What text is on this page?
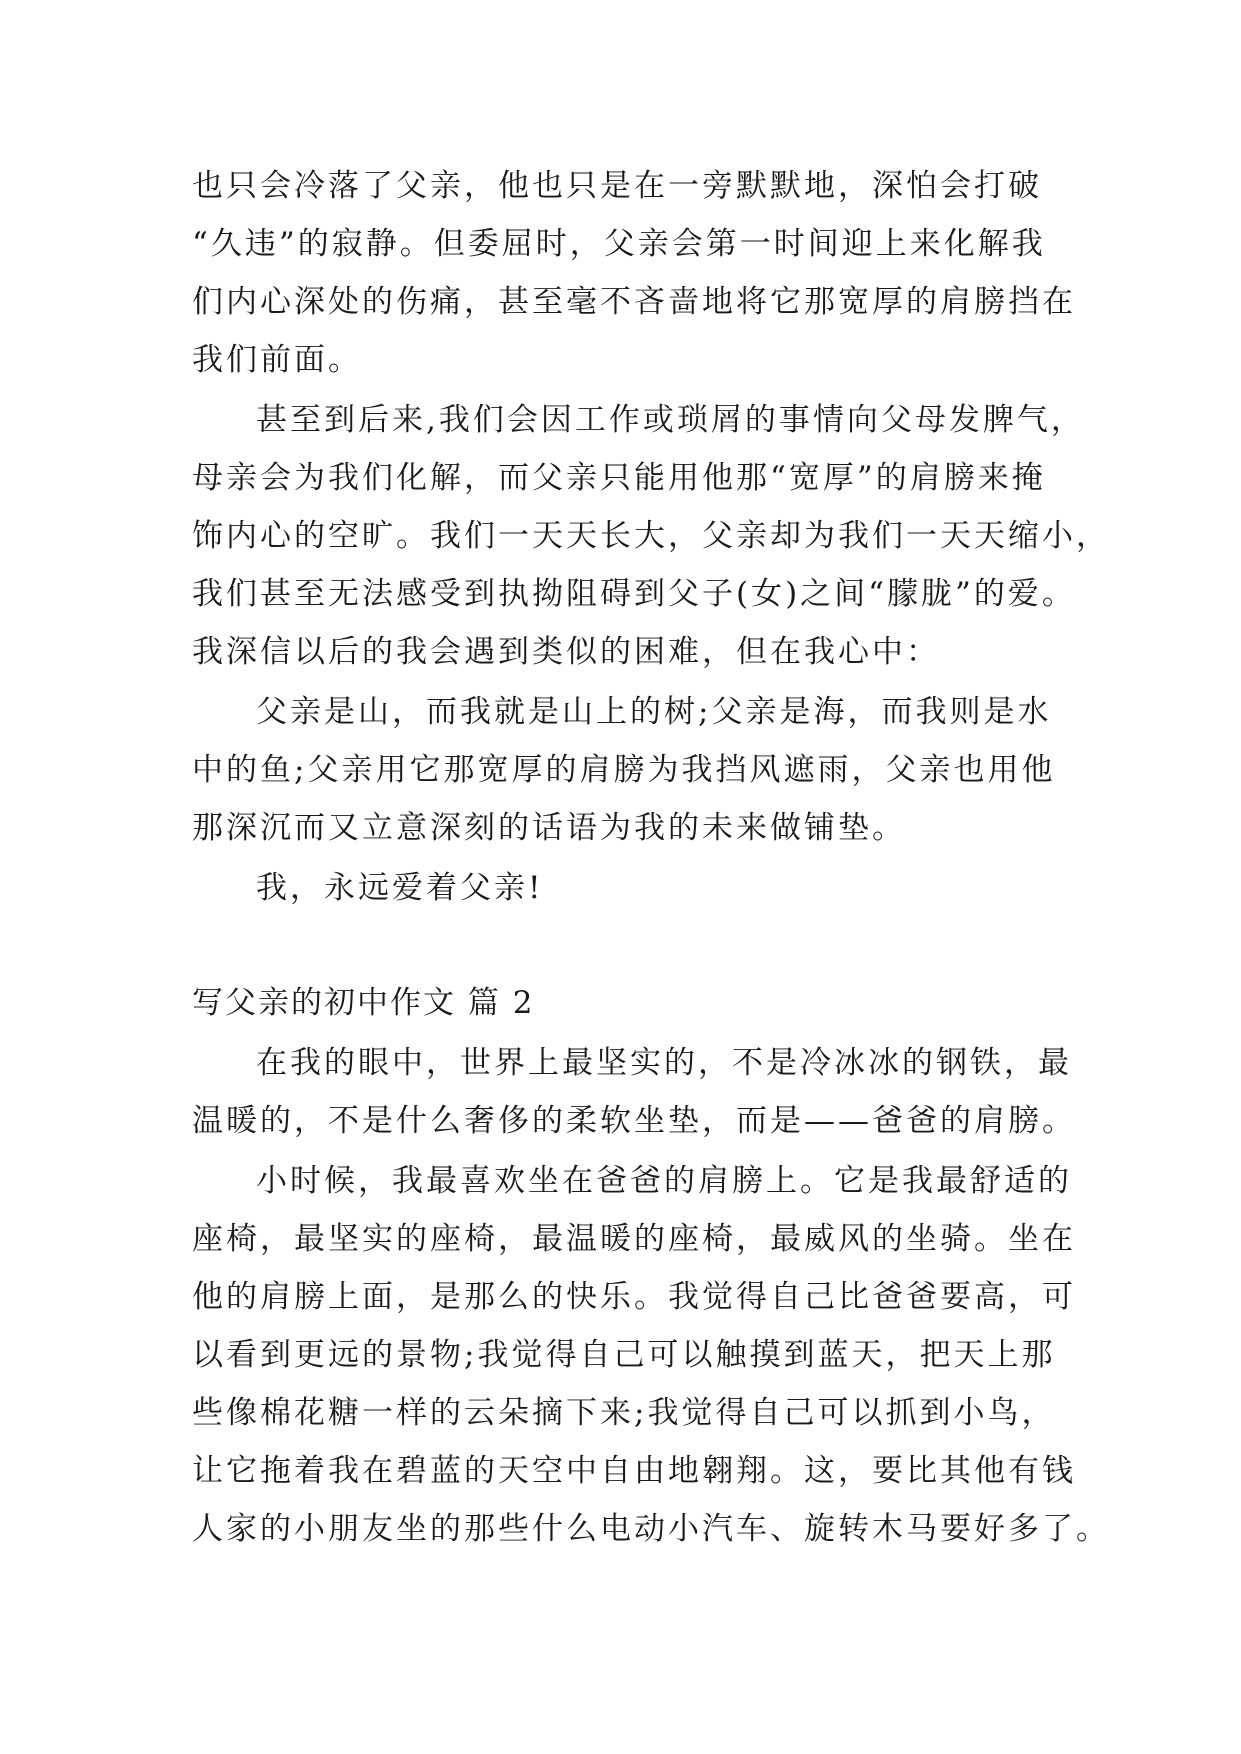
也只会冷落了父亲，他也只是在一旁默默地，深怕会打破
“久违”的寂静。但委屈时，父亲会第一时间迎上来化解我
们内心深处的伤痛，甚至毫不吝啬地将它那宽厚的肩膀挡在
我们前面。
甚至到后来,我们会因工作或琐屑的事情向父母发脾气，
母亲会为我们化解，而父亲只能用他那“宽厚”的肩膀来掩
饰内心的空旷。我们一天天长大，父亲却为我们一天天缩小，
我们甚至无法感受到执拗阻碍到父子(女)之间“朦胧”的爱。
我深信以后的我会遇到类似的困难，但在我心中：
父亲是山，而我就是山上的树;父亲是海，而我则是水
中的鱼;父亲用它那宽厚的肩膀为我挡风遮雨，父亲也用他
那深沉而又立意深刻的话语为我的未来做铺垫。
我，永远爱着父亲!
写父亲的初中作文 篇 2
在我的眼中，世界上最坚实的，不是冷冰冰的钢铁，最
温暖的，不是什么奢侈的柔软坐垫，而是——爸爸的肩膀。
小时候，我最喜欢坐在爸爸的肩膀上。它是我最舒适的
座椅，最坚实的座椅，最温暖的座椅，最威风的坐骑。坐在
他的肩膀上面，是那么的快乐。我觉得自己比爸爸要高，可
以看到更远的景物;我觉得自己可以触摸到蓝天，把天上那
些像棉花糖一样的云朵摘下来;我觉得自己可以抓到小鸟，
让它拖着我在碧蓝的天空中自由地翱翔。这，要比其他有钱
人家的小朋友坐的那些什么电动小汽车、旋转木马要好多了。
